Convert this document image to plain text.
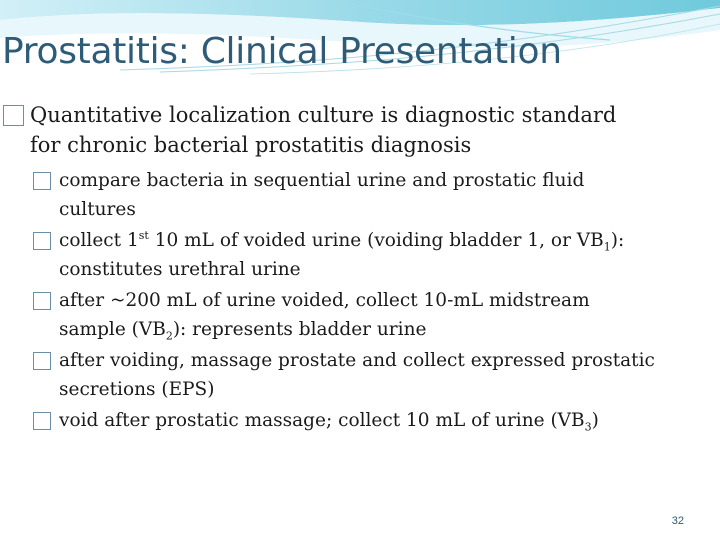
Prostatitis: Clinical Presentation
Quantitative localization culture is diagnostic standard
for chronic bacterial prostatitis diagnosis
compare bacteria in sequential urine and prostatic fluid cultures
collect 1st 10 mL of voided urine (voiding bladder 1, or $VB_1$): constitutes urethral urine
after ~200 mL of urine voided, collect 10-mL midstream sample $(VB_2)$: represents bladder urine
after voiding, massage prostate and collect expressed prostatic secretions (EPS)
void after prostatic massage; collect 10 mL of urine $(VB_3)$
32
